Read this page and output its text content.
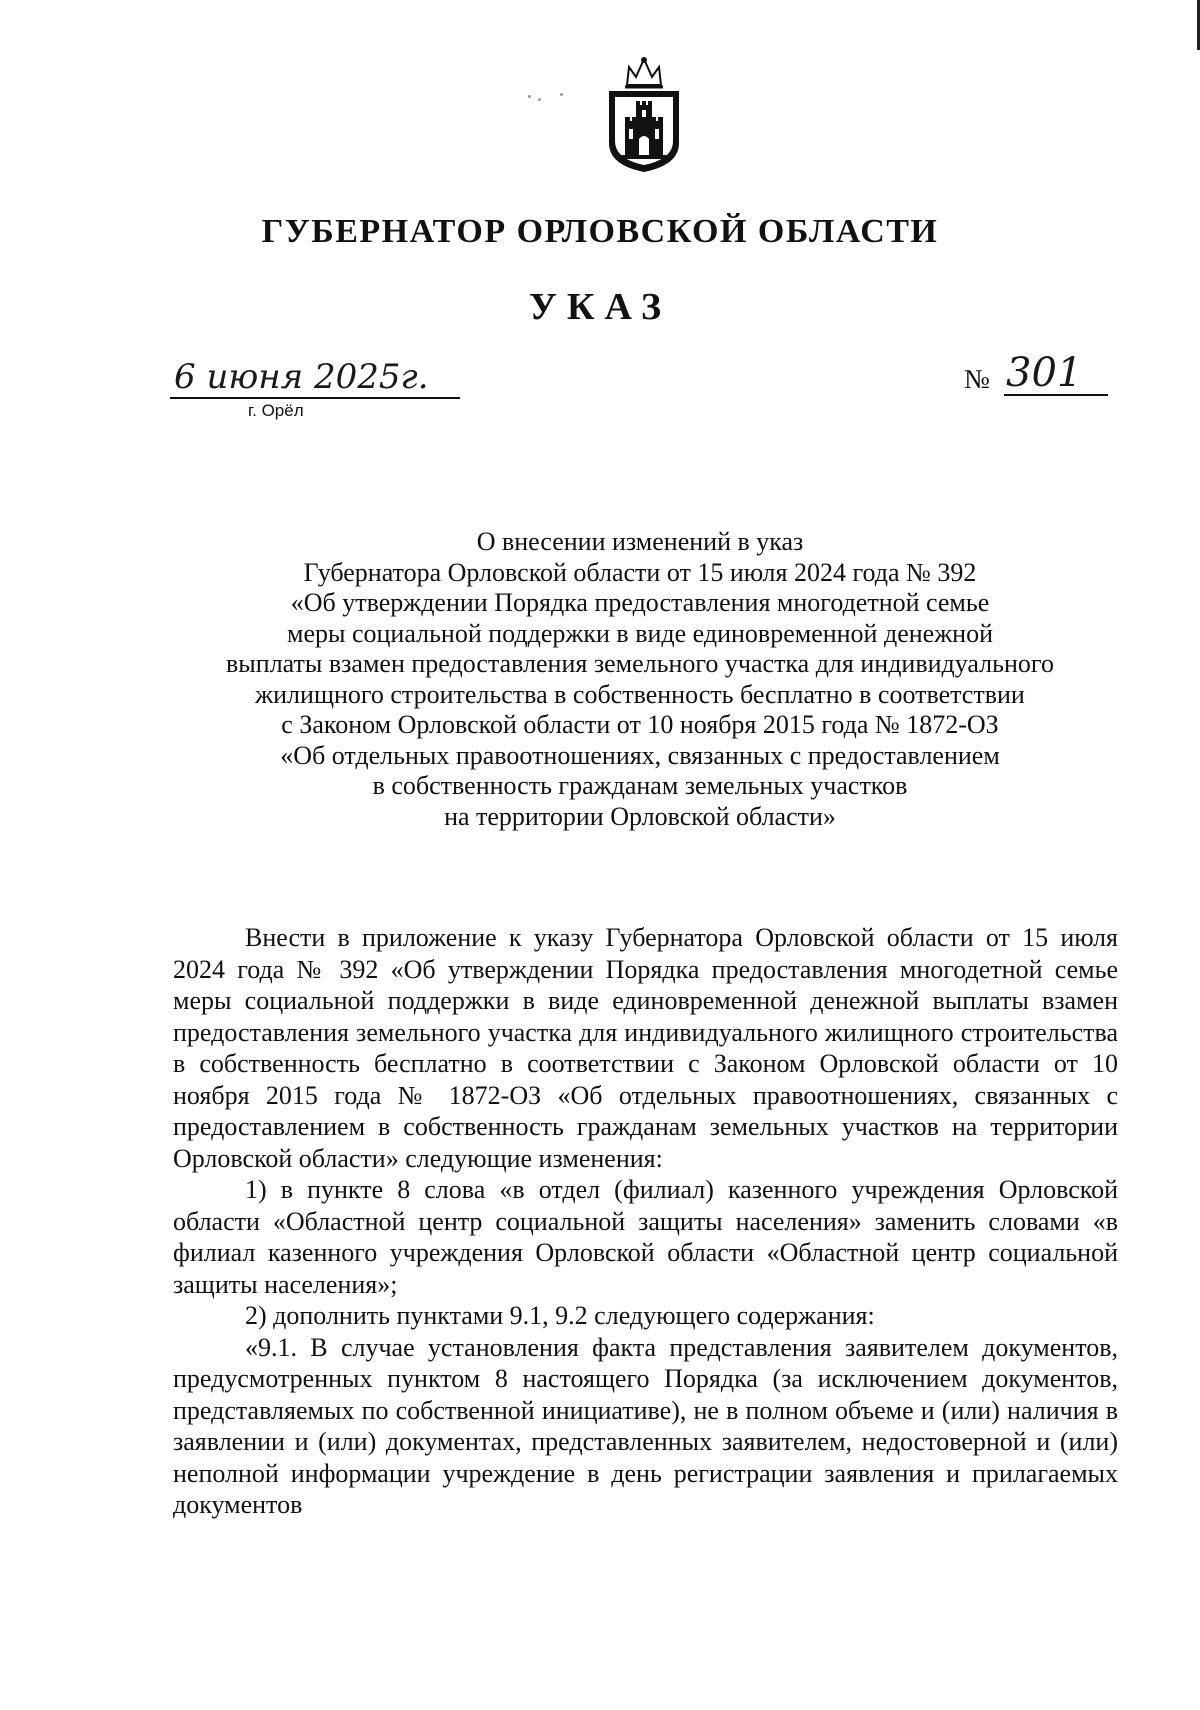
ГУБЕРНАТОР ОРЛОВСКОЙ ОБЛАСТИ
УКАЗ
6 июня 2025г.
г. Орёл
№ 301
О внесении изменений в указ
Губернатора Орловской области от 15 июля 2024 года № 392
«Об утверждении Порядка предоставления многодетной семье
меры социальной поддержки в виде единовременной денежной
выплаты взамен предоставления земельного участка для индивидуального
жилищного строительства в собственность бесплатно в соответствии
с Законом Орловской области от 10 ноября 2015 года № 1872-ОЗ
«Об отдельных правоотношениях, связанных с предоставлением
в собственность гражданам земельных участков
на территории Орловской области»

Внести в приложение к указу Губернатора Орловской области от 15 июля 2024 года № 392 «Об утверждении Порядка предоставления многодетной семье меры социальной поддержки в виде единовременной денежной выплаты взамен предоставления земельного участка для индивидуального жилищного строительства в собственность бесплатно в соответствии с Законом Орловской области от 10 ноября 2015 года № 1872-ОЗ «Об отдельных правоотношениях, связанных с предоставлением в собственность гражданам земельных участков на территории Орловской области» следующие изменения:

1) в пункте 8 слова «в отдел (филиал) казенного учреждения Орловской области «Областной центр социальной защиты населения» заменить словами «в филиал казенного учреждения Орловской области «Областной центр социальной защиты населения»;

2) дополнить пунктами 9.1, 9.2 следующего содержания:

«9.1. В случае установления факта представления заявителем документов, предусмотренных пунктом 8 настоящего Порядка (за исключением документов, представляемых по собственной инициативе), не в полном объеме и (или) наличия в заявлении и (или) документах, представленных заявителем, недостоверной и (или) неполной информации учреждение в день регистрации заявления и прилагаемых документов
